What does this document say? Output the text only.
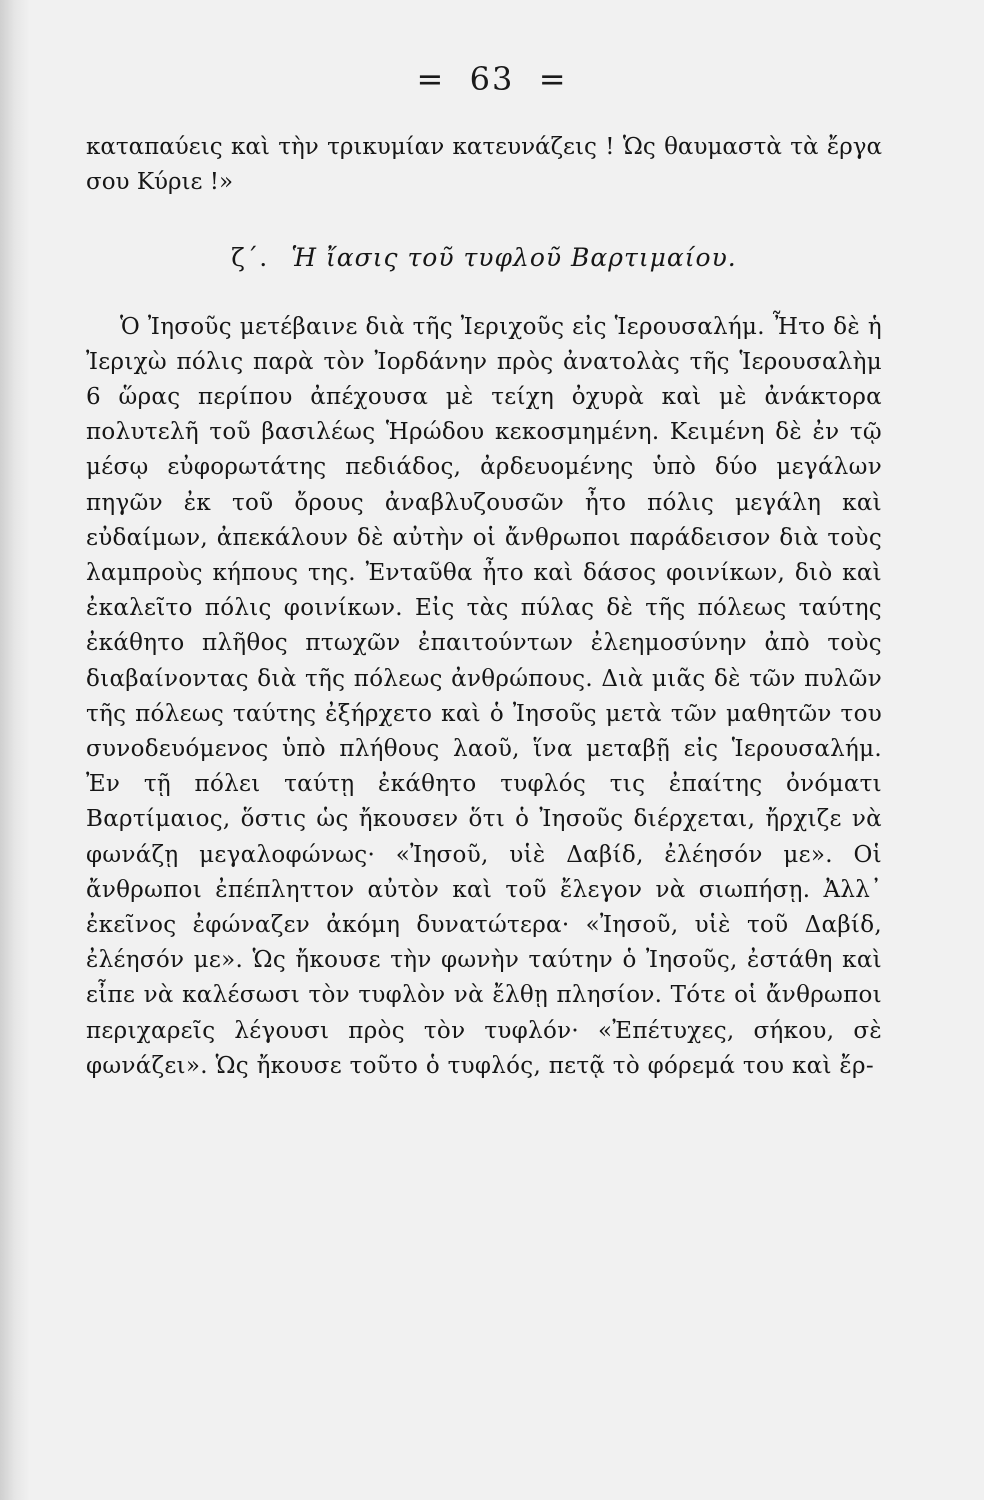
= 63 =

καταπαύεις καὶ τὴν τρικυμίαν κατευνάζεις ! Ὡς θαυμαστὰ τὰ ἔργα σου Κύριε !»

ζ΄. Ἡ ἴασις τοῦ τυφλοῦ Βαρτιμαίου.

Ὁ Ἰησοῦς μετέβαινε διὰ τῆς Ἰεριχοῦς εἰς Ἱερουσαλήμ. Ἦτο δὲ ἡ Ἰεριχὼ πόλις παρὰ τὸν Ἰορδάνην πρὸς ἀνατολὰς τῆς Ἱερουσαλὴμ 6 ὥρας περίπου ἀπέχουσα μὲ τείχη ὀχυρὰ καὶ μὲ ἀνάκτορα πολυτελῆ τοῦ βασιλέως Ἡρώδου κεκοσμημένη. Κειμένη δὲ ἐν τῷ μέσῳ εὐφορωτάτης πεδιάδος, ἀρδευομένης ὑπὸ δύο μεγάλων πηγῶν ἐκ τοῦ ὄρους ἀναβλυζουσῶν ἦτο πόλις μεγάλη καὶ εὐδαίμων, ἀπεκάλουν δὲ αὐτὴν οἱ ἄνθρωποι παράδεισον διὰ τοὺς λαμπροὺς κήπους της. Ἐνταῦθα ἦτο καὶ δάσος φοινίκων, διὸ καὶ ἐκαλεῖτο πόλις φοινίκων. Εἰς τὰς πύλας δὲ τῆς πόλεως ταύτης ἐκάθητο πλῆθος πτωχῶν ἐπαιτούντων ἐλεημοσύνην ἀπὸ τοὺς διαβαίνοντας διὰ τῆς πόλεως ἀνθρώπους. Διὰ μιᾶς δὲ τῶν πυλῶν τῆς πόλεως ταύτης ἐξήρχετο καὶ ὁ Ἰησοῦς μετὰ τῶν μαθητῶν του συνοδευόμενος ὑπὸ πλήθους λαοῦ, ἵνα μεταβῇ εἰς Ἱερουσαλήμ. Ἐν τῇ πόλει ταύτῃ ἐκάθητο τυφλός τις ἐπαίτης ὀνόματι Βαρτίμαιος, ὅστις ὡς ἤκουσεν ὅτι ὁ Ἰησοῦς διέρχεται, ἤρχιζε νὰ φωνάζῃ μεγαλοφώνως· «Ἰησοῦ, υἱὲ Δαβίδ, ἐλέησόν με». Οἱ ἄνθρωποι ἐπέπληττον αὐτὸν καὶ τοῦ ἔλεγον νὰ σιωπήσῃ. Ἀλλ᾽ ἐκεῖνος ἐφώναζεν ἀκόμη δυνατώτερα· «Ἰησοῦ, υἱὲ τοῦ Δαβίδ, ἐλέησόν με». Ὡς ἤκουσε τὴν φωνὴν ταύτην ὁ Ἰησοῦς, ἐστάθη καὶ εἶπε νὰ καλέσωσι τὸν τυφλὸν νὰ ἔλθῃ πλησίον. Τότε οἱ ἄνθρωποι περιχαρεῖς λέγουσι πρὸς τὸν τυφλόν· «Ἐπέτυχες, σήκου, σὲ φωνάζει». Ὡς ἤκουσε τοῦτο ὁ τυφλός, πετᾷ τὸ φόρεμά του καὶ ἔρ-
